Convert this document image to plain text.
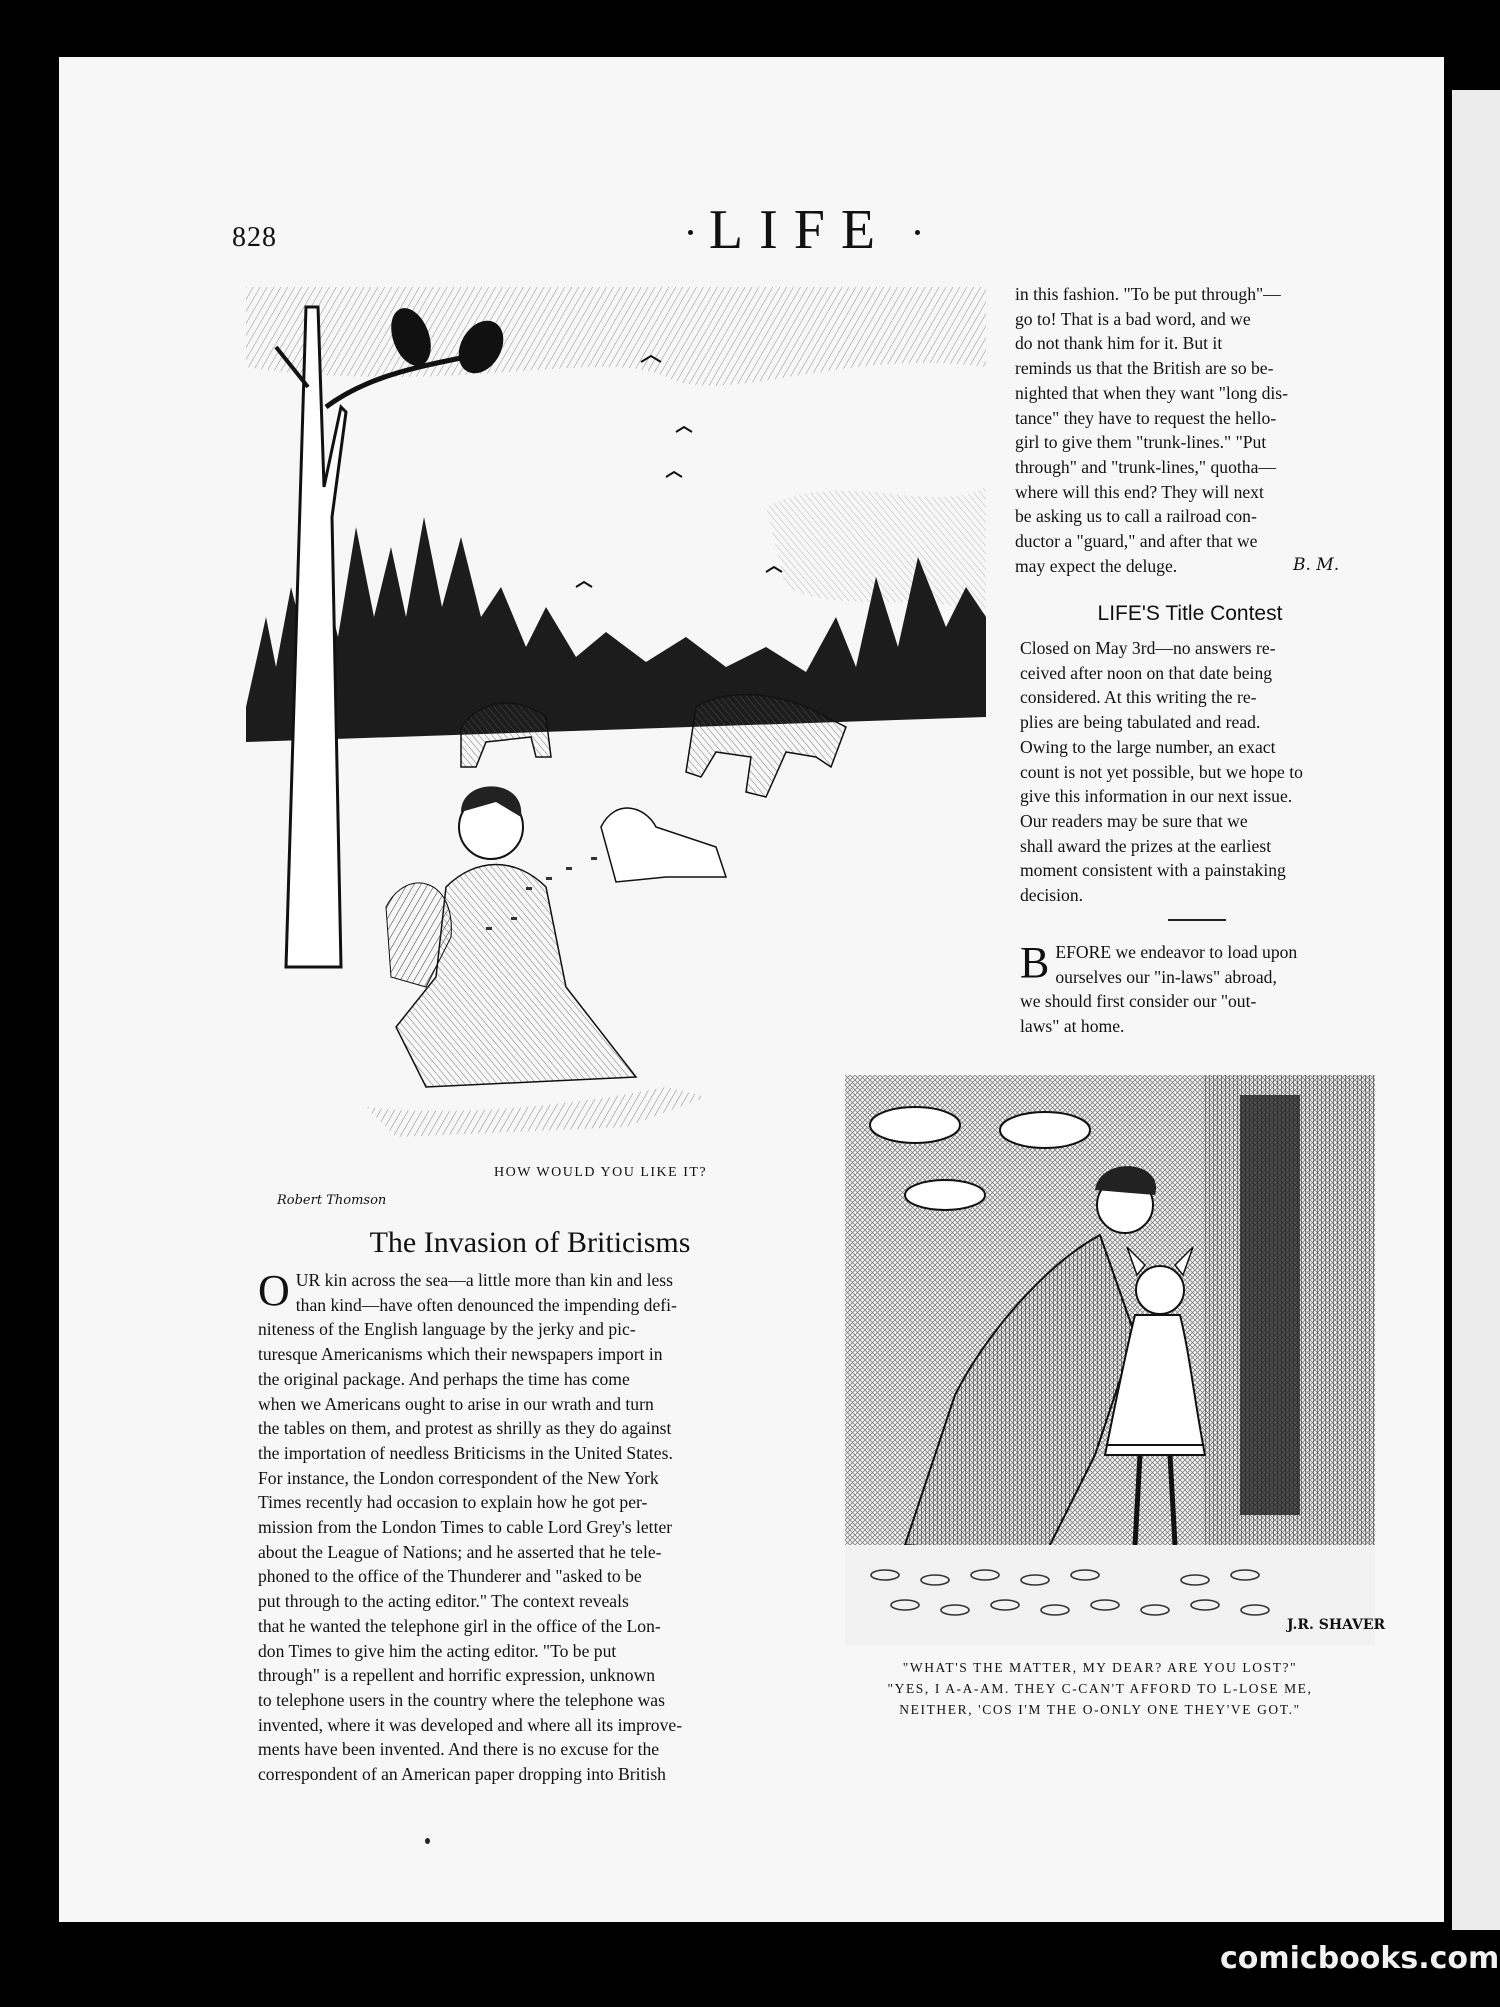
828	LIFE
HOW WOULD YOU LIKE IT?
Robert Thomson
The Invasion of Briticisms
O UR kin across the sea—a little more than kin and less
than kind—have often denounced the impending defi-
niteness of the English language by the jerky and pic-
turesque Americanisms which their newspapers import in
the original package. And perhaps the time has come
when we Americans ought to arise in our wrath and turn
the tables on them, and protest as shrilly as they do against
the importation of needless Briticisms in the United States.
For instance, the London correspondent of the New York
Times recently had occasion to explain how he got per-
mission from the London Times to cable Lord Grey's letter
about the League of Nations; and he asserted that he tele-
phoned to the office of the Thunderer and "asked to be
put through to the acting editor." The context reveals
that he wanted the telephone girl in the office of the Lon-
don Times to give him the acting editor. "To be put
through" is a repellent and horrific expression, unknown
to telephone users in the country where the telephone was
invented, where it was developed and where all its improve-
ments have been invented. And there is no excuse for the
correspondent of an American paper dropping into British

in this fashion. "To be put through"—
go to! That is a bad word, and we
do not thank him for it. But it
reminds us that the British are so be-
nighted that when they want "long dis-
tance" they have to request the hello-
girl to give them "trunk-lines." "Put
through" and "trunk-lines," quotha—
where will this end? They will next
be asking us to call a railroad con-
ductor a "guard," and after that we
may expect the deluge.	B. M.
LIFE'S Title Contest
Closed on May 3rd—no answers re-
ceived after noon on that date being
considered. At this writing the re-
plies are being tabulated and read.
Owing to the large number, an exact
count is not yet possible, but we hope to
give this information in our next issue.
Our readers may be sure that we
shall award the prizes at the earliest
moment consistent with a painstaking
decision.

B EFORE we endeavor to load upon
ourselves our "in-laws" abroad,
we should first consider our "out-
laws" at home.

J.R. SHAVER
"WHAT'S THE MATTER, MY DEAR? ARE YOU LOST?"
"YES, I A-A-AM. THEY C-CAN'T AFFORD TO L-LOSE ME,
NEITHER, 'COS I'M THE O-ONLY ONE THEY'VE GOT."
comicbooks.com
